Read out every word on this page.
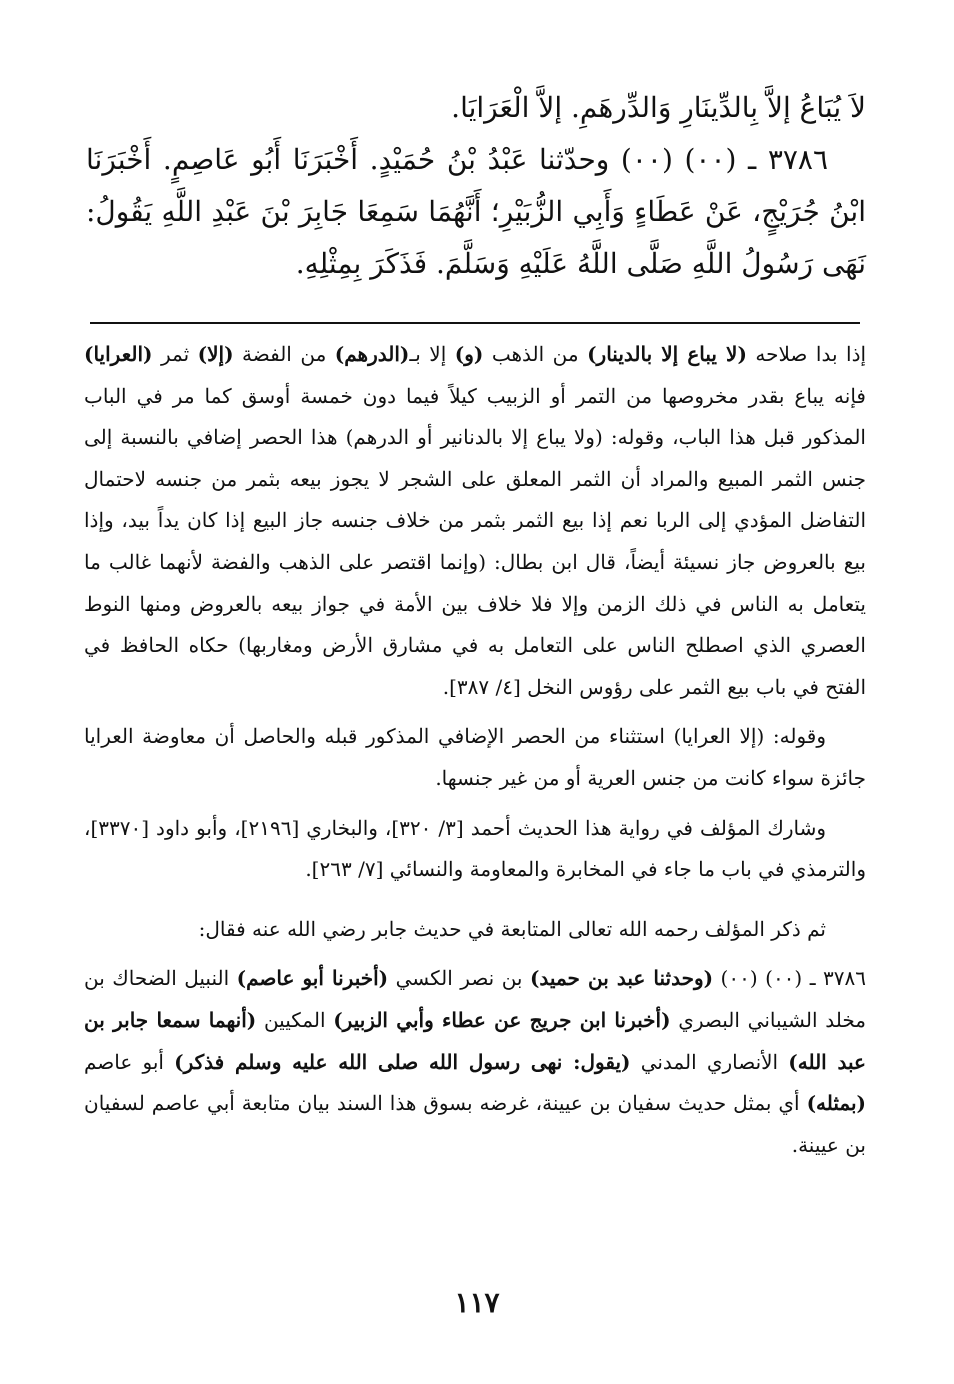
لاَ يُبَاعُ إلاَّ بِالدِّينَارِ وَالدِّرهَمِ. إلاَّ الْعَرَايَا.

٣٧٨٦ ـ (٠٠) (٠٠) وحدّثنا عَبْدُ بْنُ حُمَيْدٍ. أَخْبَرَنَا أَبُو عَاصِمٍ. أَخْبَرَنَا ابْنُ جُرَيْجٍ، عَنْ عَطَاءٍ وَأَبِي الزُّبَيْرِ؛ أَنَّهُمَا سَمِعَا جَابِرَ بْنَ عَبْدِ اللَّهِ يَقُولُ: نَهَى رَسُولُ اللَّهِ صَلَّى اللَّهُ عَلَيْهِ وَسَلَّمَ. فَذَكَرَ بِمِثْلِهِ.

إذا بدا صلاحه (لا يباع إلا بالدينار) من الذهب (و) إلا بـ(الدرهم) من الفضة (إلا) ثمر (العرايا) فإنه يباع بقدر مخروصها من التمر أو الزبيب كيلاً فيما دون خمسة أوسق كما مر في الباب المذكور قبل هذا الباب، وقوله: (ولا يباع إلا بالدنانير أو الدرهم) هذا الحصر إضافي بالنسبة إلى جنس الثمر المبيع والمراد أن الثمر المعلق على الشجر لا يجوز بيعه بثمر من جنسه لاحتمال التفاضل المؤدي إلى الربا نعم إذا بيع الثمر بثمر من خلاف جنسه جاز البيع إذا كان يداً بيد، وإذا بيع بالعروض جاز نسيئة أيضاً، قال ابن بطال: (وإنما اقتصر على الذهب والفضة لأنهما غالب ما يتعامل به الناس في ذلك الزمن وإلا فلا خلاف بين الأمة في جواز بيعه بالعروض ومنها النوط العصري الذي اصطلح الناس على التعامل به في مشارق الأرض ومغاربها) حكاه الحافظ في الفتح في باب بيع الثمر على رؤوس النخل [٤/ ٣٨٧].

وقوله: (إلا العرايا) استثناء من الحصر الإضافي المذكور قبله والحاصل أن معاوضة العرايا جائزة سواء كانت من جنس العرية أو من غير جنسها.

وشارك المؤلف في رواية هذا الحديث أحمد [٣/ ٣٢٠]، والبخاري [٢١٩٦]، وأبو داود [٣٣٧٠]، والترمذي في باب ما جاء في المخابرة والمعاومة والنسائي [٧/ ٢٦٣].

ثم ذكر المؤلف رحمه الله تعالى المتابعة في حديث جابر رضي الله عنه فقال:

٣٧٨٦ ـ (٠٠) (٠٠) (وحدثنا عبد بن حميد) بن نصر الكسي (أخبرنا أبو عاصم) النبيل الضحاك بن مخلد الشيباني البصري (أخبرنا ابن جريج عن عطاء وأبي الزبير) المكيين (أنهما سمعا جابر بن عبد الله) الأنصاري المدني (يقول: نهى رسول الله صلى الله عليه وسلم فذكر) أبو عاصم (بمثله) أي بمثل حديث سفيان بن عيينة، غرضه بسوق هذا السند بيان متابعة أبي عاصم لسفيان بن عيينة.

١١٧
